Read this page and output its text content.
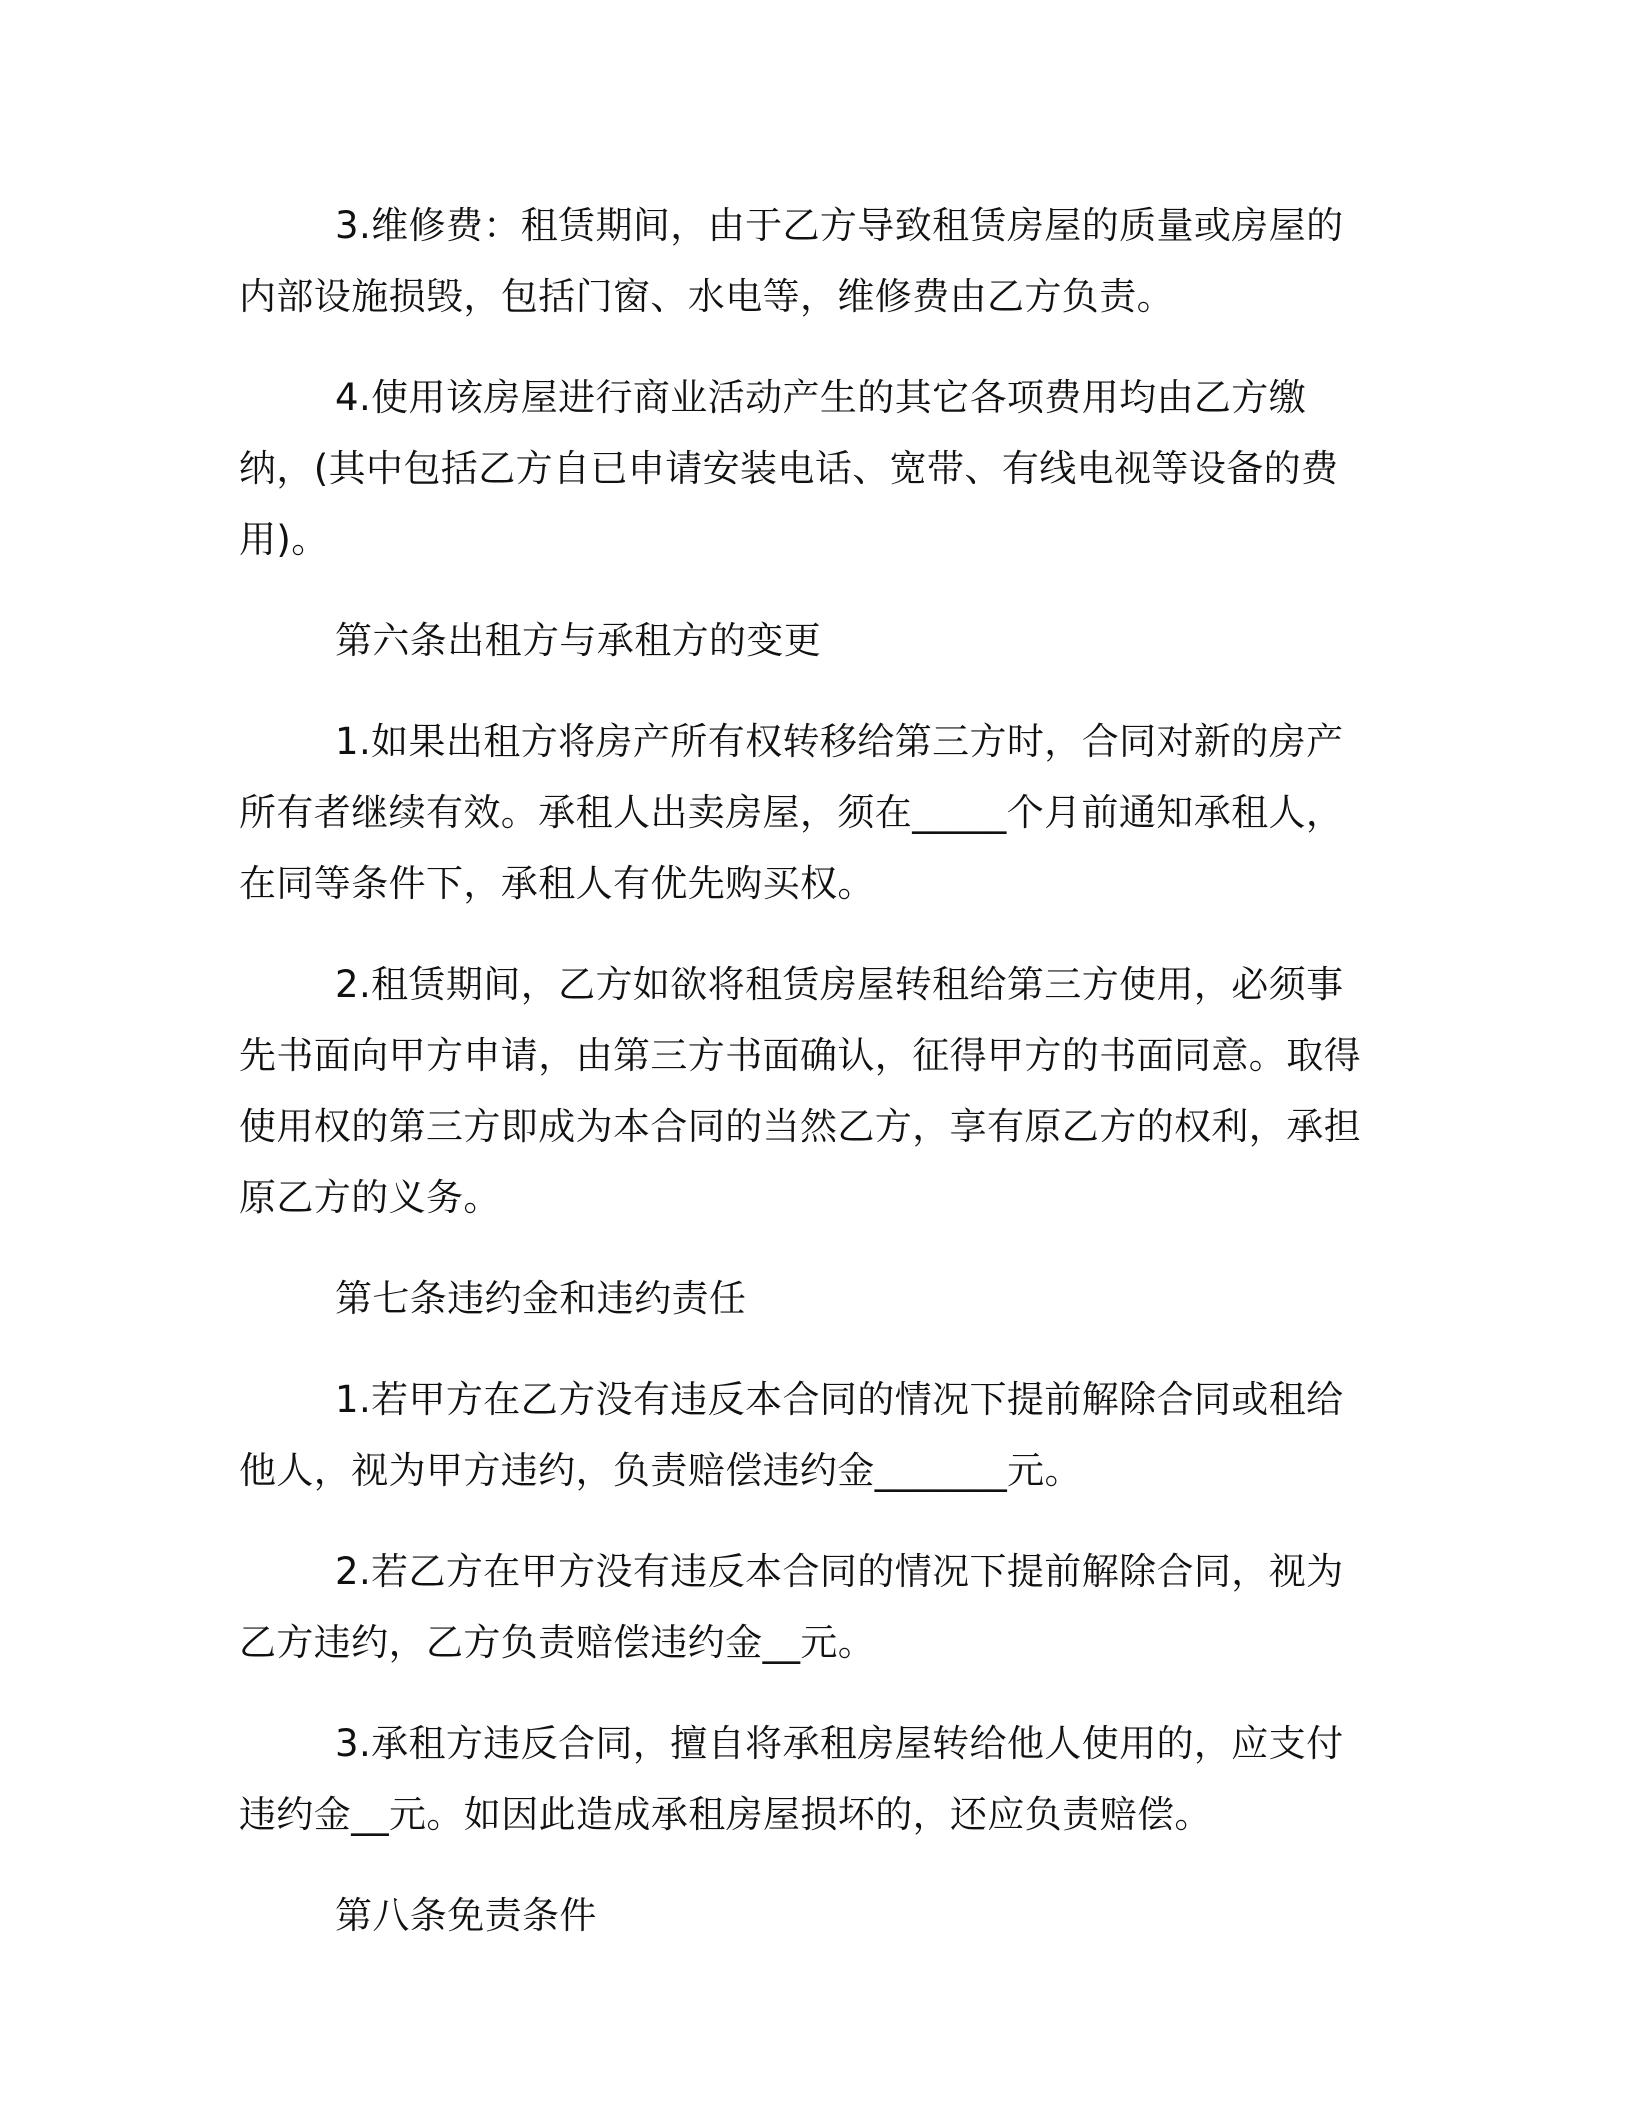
3.维修费：租赁期间，由于乙方导致租赁房屋的质量或房屋的内部设施损毁，包括门窗、水电等，维修费由乙方负责。

4.使用该房屋进行商业活动产生的其它各项费用均由乙方缴纳，(其中包括乙方自已申请安装电话、宽带、有线电视等设备的费用)。

第六条出租方与承租方的变更

1.如果出租方将房产所有权转移给第三方时，合同对新的房产所有者继续有效。承租人出卖房屋，须在_____个月前通知承租人，在同等条件下，承租人有优先购买权。

2.租赁期间，乙方如欲将租赁房屋转租给第三方使用，必须事先书面向甲方申请，由第三方书面确认，征得甲方的书面同意。取得使用权的第三方即成为本合同的当然乙方，享有原乙方的权利，承担原乙方的义务。

第七条违约金和违约责任

1.若甲方在乙方没有违反本合同的情况下提前解除合同或租给他人，视为甲方违约，负责赔偿违约金_______元。

2.若乙方在甲方没有违反本合同的情况下提前解除合同，视为乙方违约，乙方负责赔偿违约金__元。

3.承租方违反合同，擅自将承租房屋转给他人使用的，应支付违约金__元。如因此造成承租房屋损坏的，还应负责赔偿。

第八条免责条件
